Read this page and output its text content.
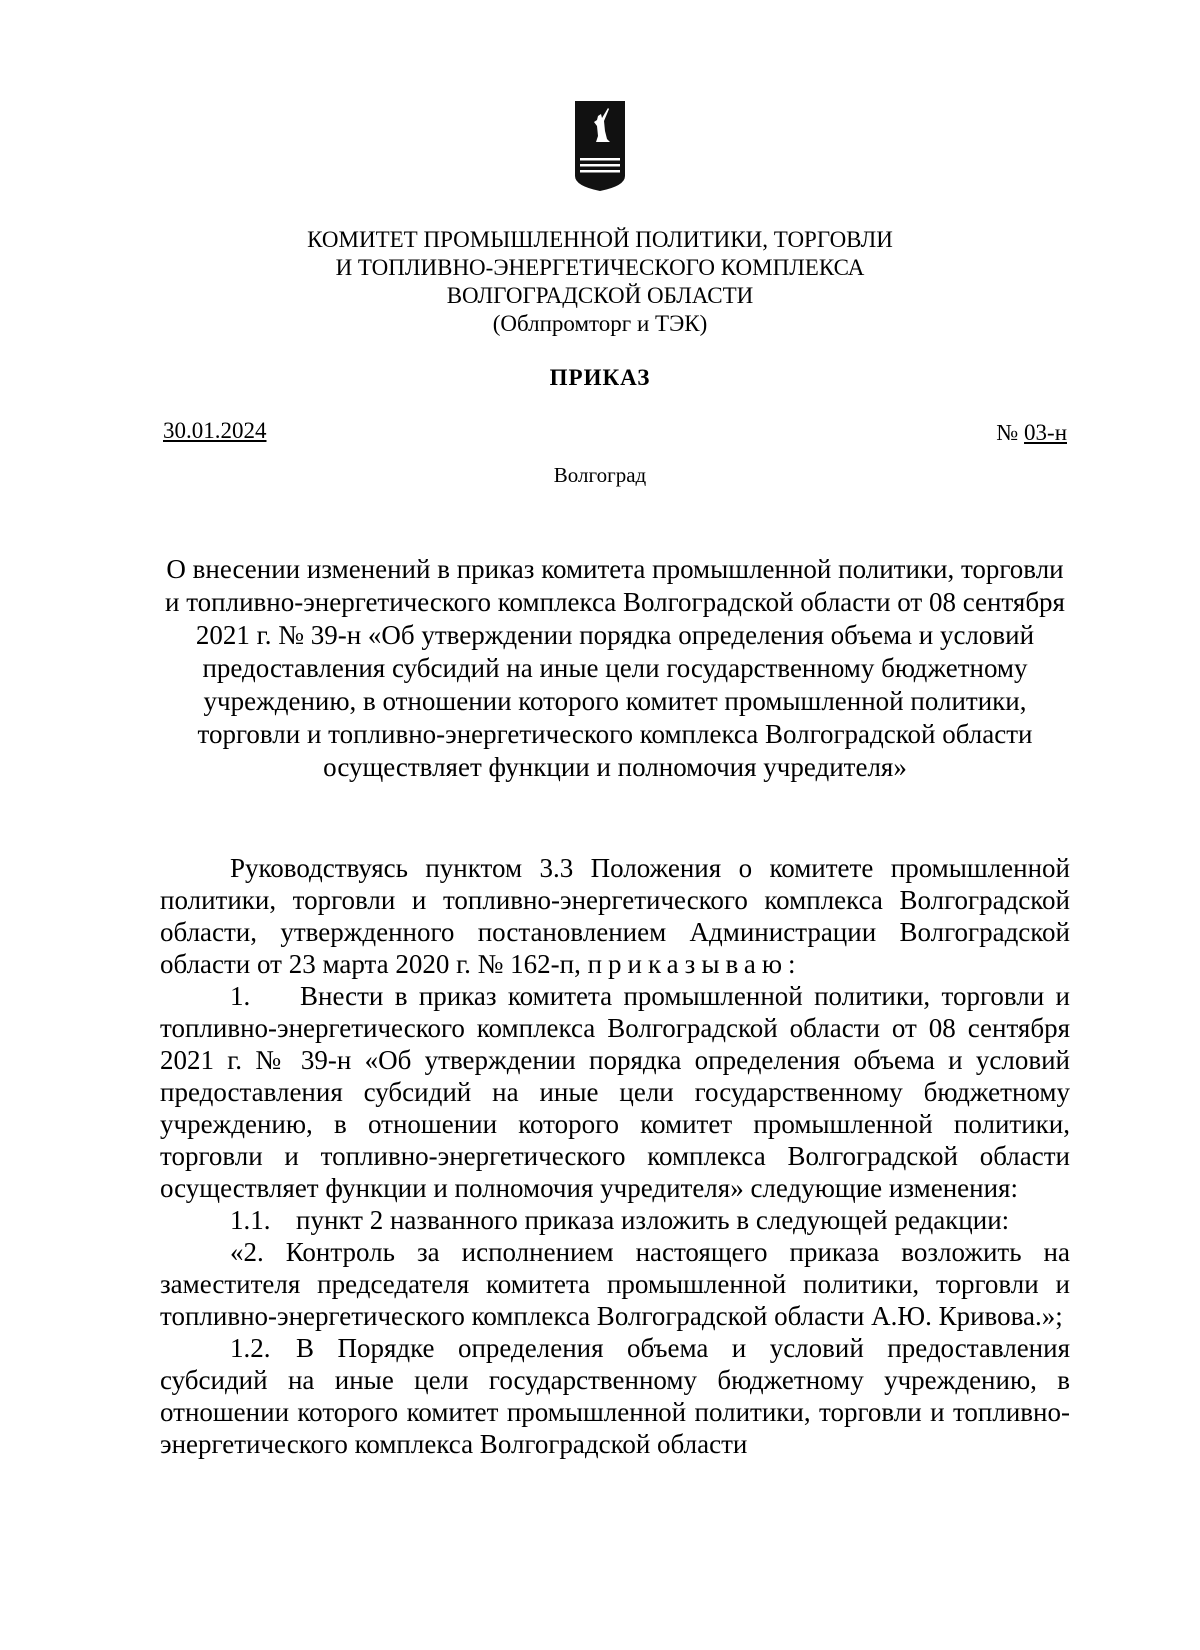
КОМИТЕТ ПРОМЫШЛЕННОЙ ПОЛИТИКИ, ТОРГОВЛИ
И ТОПЛИВНО-ЭНЕРГЕТИЧЕСКОГО КОМПЛЕКСА
ВОЛГОГРАДСКОЙ ОБЛАСТИ
(Облпромторг и ТЭК)
ПРИКАЗ
30.01.2024	№ 03-н
Волгоград
О внесении изменений в приказ комитета промышленной политики, торговли и топливно-энергетического комплекса Волгоградской области от 08 сентября 2021 г. № 39-н «Об утверждении порядка определения объема и условий предоставления субсидий на иные цели государственному бюджетному учреждению, в отношении которого комитет промышленной политики, торговли и топливно-энергетического комплекса Волгоградской области осуществляет функции и полномочия учредителя»

Руководствуясь пунктом 3.3 Положения о комитете промышленной политики, торговли и топливно-энергетического комплекса Волгоградской области, утвержденного постановлением Администрации Волгоградской области от 23 марта 2020 г. № 162-п, приказываю:

1. Внести в приказ комитета промышленной политики, торговли и топливно-энергетического комплекса Волгоградской области от 08 сентября 2021 г. № 39-н «Об утверждении порядка определения объема и условий предоставления субсидий на иные цели государственному бюджетному учреждению, в отношении которого комитет промышленной политики, торговли и топливно-энергетического комплекса Волгоградской области осуществляет функции и полномочия учредителя» следующие изменения:

1.1. пункт 2 названного приказа изложить в следующей редакции:

«2. Контроль за исполнением настоящего приказа возложить на заместителя председателя комитета промышленной политики, торговли и топливно-энергетического комплекса Волгоградской области А.Ю. Кривова.»;

1.2. В Порядке определения объема и условий предоставления субсидий на иные цели государственному бюджетному учреждению, в отношении которого комитет промышленной политики, торговли и топливно-энергетического комплекса Волгоградской области
